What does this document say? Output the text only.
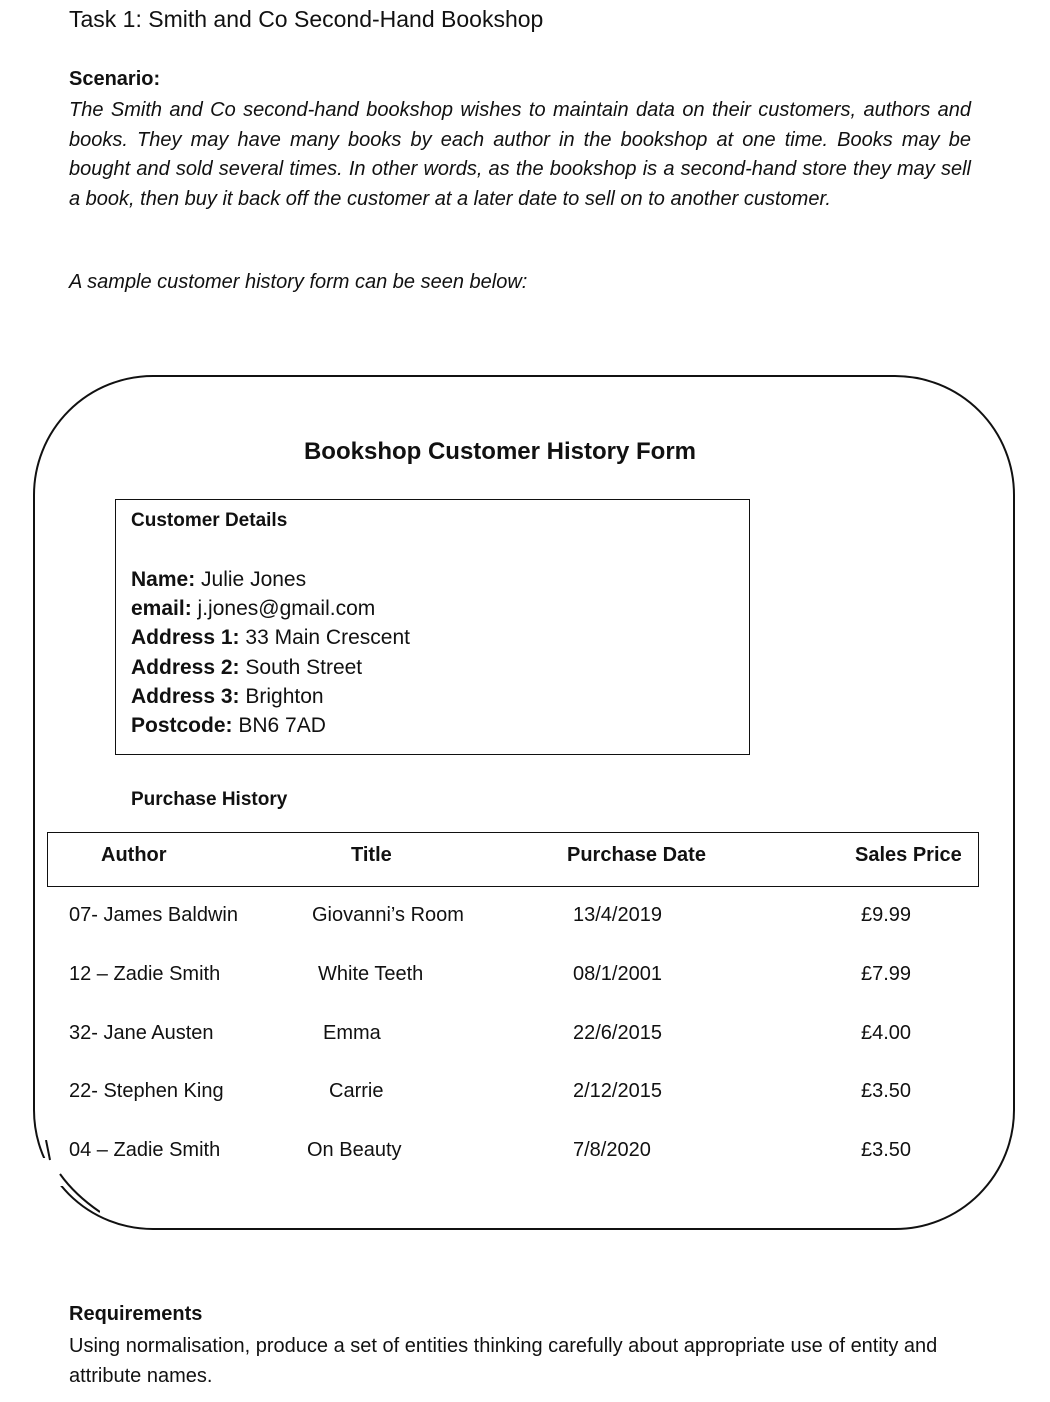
Task 1: Smith and Co Second-Hand Bookshop
Scenario:

The Smith and Co second-hand bookshop wishes to maintain data on their customers, authors and books. They may have many books by each author in the bookshop at one time. Books may be bought and sold several times. In other words, as the bookshop is a second-hand store they may sell a book, then buy it back off the customer at a later date to sell on to another customer.

A sample customer history form can be seen below:
Bookshop Customer History Form
Customer Details
Name: Julie Jones
email: j.jones@gmail.com
Address 1: 33 Main Crescent
Address 2: South Street
Address 3: Brighton
Postcode: BN6 7AD
Purchase History
Author	Title	Purchase Date	Sales Price
07- James Baldwin	Giovanni’s Room	13/4/2019	£9.99
12 – Zadie Smith	White Teeth	08/1/2001	£7.99
32- Jane Austen	Emma	22/6/2015	£4.00
22- Stephen King	Carrie	2/12/2015	£3.50
04 – Zadie Smith	On Beauty	7/8/2020	£3.50
Requirements

Using normalisation, produce a set of entities thinking carefully about appropriate use of entity and attribute names.
